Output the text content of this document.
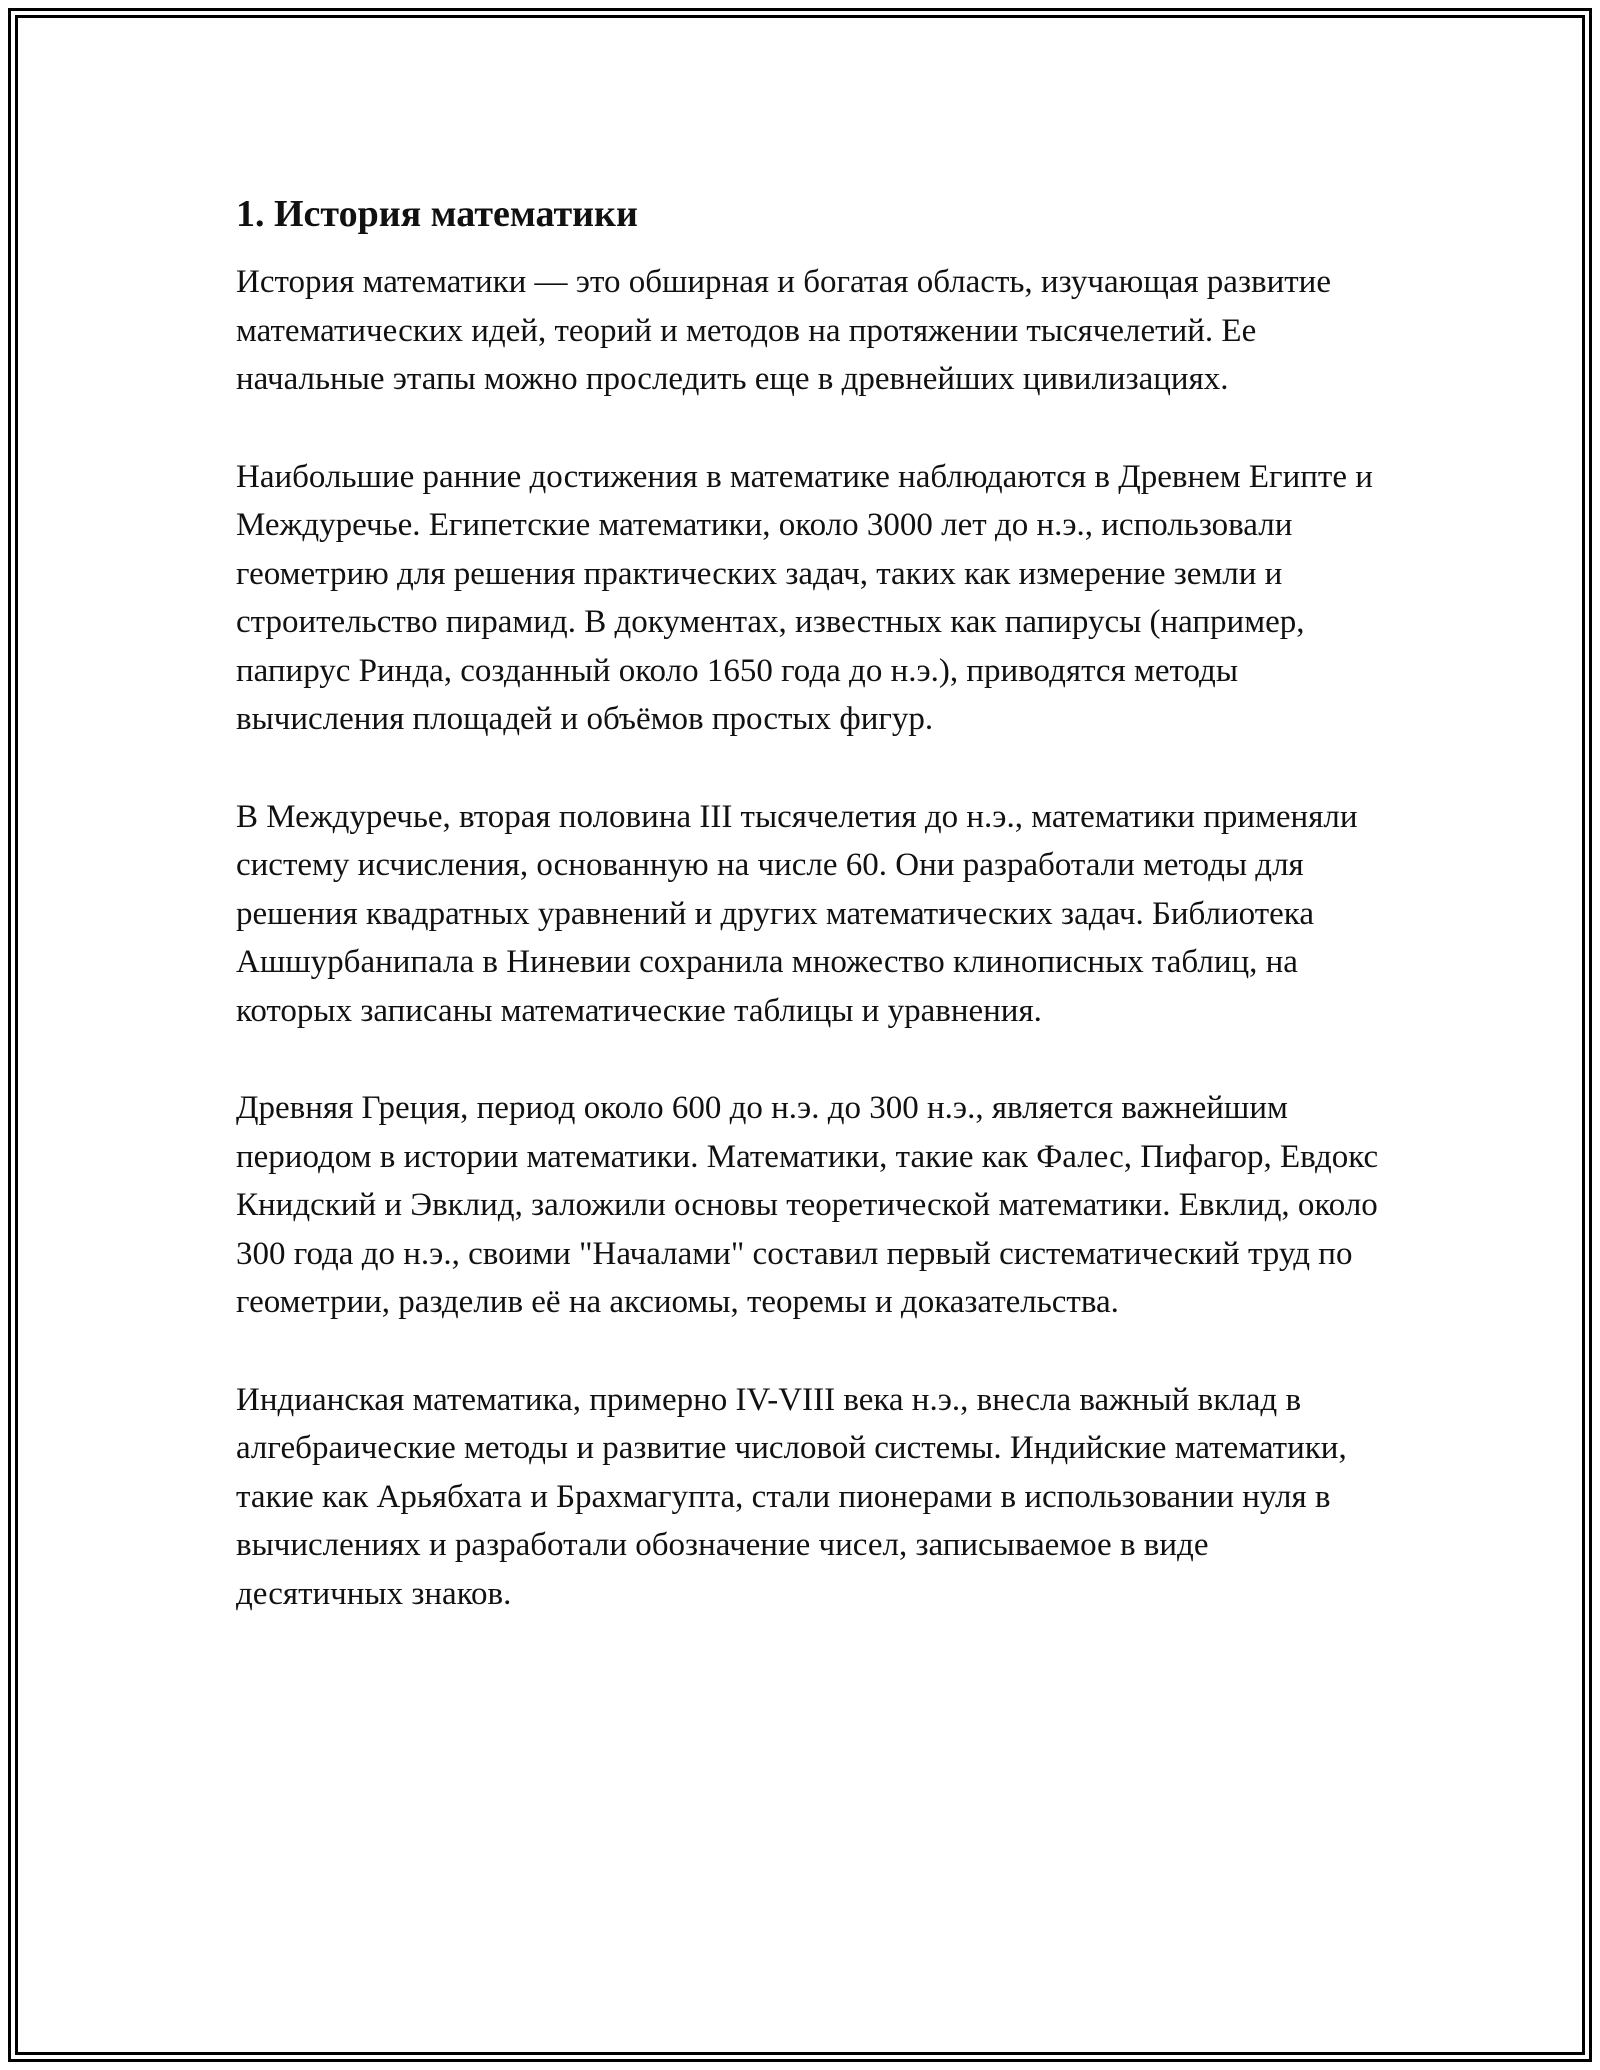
1. История математики

История математики — это обширная и богатая область, изучающая развитие математических идей, теорий и методов на протяжении тысячелетий. Ее начальные этапы можно проследить еще в древнейших цивилизациях.

Наибольшие ранние достижения в математике наблюдаются в Древнем Египте и Междуречье. Египетские математики, около 3000 лет до н.э., использовали геометрию для решения практических задач, таких как измерение земли и строительство пирамид. В документах, известных как папирусы (например, папирус Ринда, созданный около 1650 года до н.э.), приводятся методы вычисления площадей и объёмов простых фигур.

В Междуречье, вторая половина III тысячелетия до н.э., математики применяли систему исчисления, основанную на числе 60. Они разработали методы для решения квадратных уравнений и других математических задач. Библиотека Ашшурбанипала в Ниневии сохранила множество клинописных таблиц, на которых записаны математические таблицы и уравнения.

Древняя Греция, период около 600 до н.э. до 300 н.э., является важнейшим периодом в истории математики. Математики, такие как Фалес, Пифагор, Евдокс Книдский и Эвклид, заложили основы теоретической математики. Евклид, около 300 года до н.э., своими "Началами" составил первый систематический труд по геометрии, разделив её на аксиомы, теоремы и доказательства.

Индианская математика, примерно IV-VIII века н.э., внесла важный вклад в алгебраические методы и развитие числовой системы. Индийские математики, такие как Арьябхата и Брахмагупта, стали пионерами в использовании нуля в вычислениях и разработали обозначение чисел, записываемое в виде десятичных знаков.
